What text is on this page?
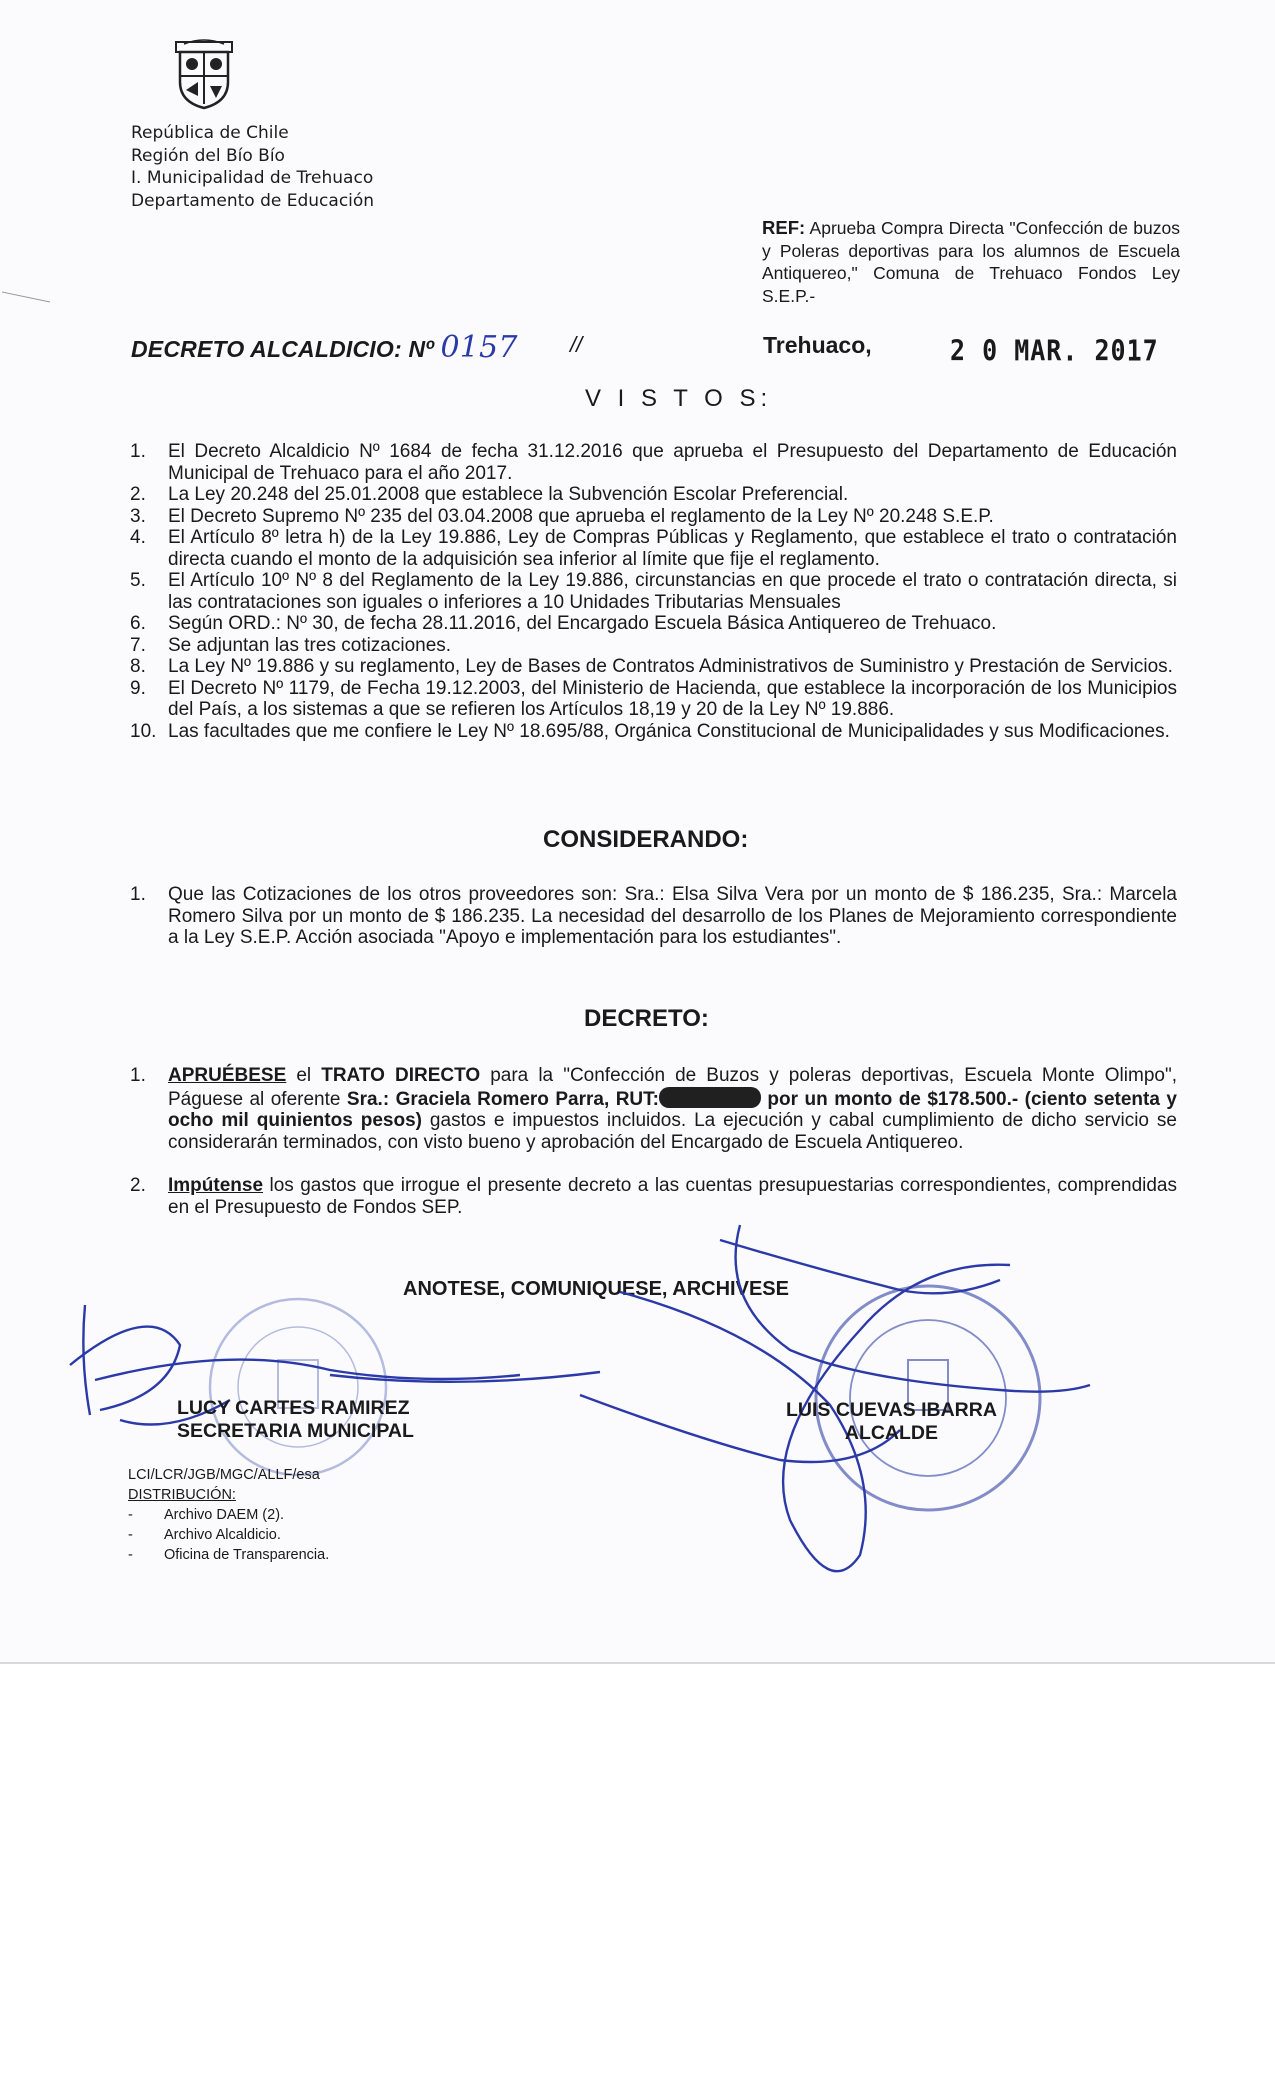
República de Chile
Región del Bío Bío
I. Municipalidad de Trehuaco
Departamento de Educación
REF: Aprueba Compra Directa "Confección de buzos y Poleras deportivas para los alumnos de Escuela Antiquereo," Comuna de Trehuaco Fondos Ley S.E.P.-
DECRETO ALCALDICIO: Nº 0157 //	Trehuaco,	2 0 MAR. 2017
V I S T O S:
1. El Decreto Alcaldicio Nº 1684 de fecha 31.12.2016 que aprueba el Presupuesto del Departamento de Educación Municipal de Trehuaco para el año 2017.
2. La Ley 20.248 del 25.01.2008 que establece la Subvención Escolar Preferencial.
3. El Decreto Supremo Nº 235 del 03.04.2008 que aprueba el reglamento de la Ley Nº 20.248 S.E.P.
4. El Artículo 8º letra h) de la Ley 19.886, Ley de Compras Públicas y Reglamento, que establece el trato o contratación directa cuando el monto de la adquisición sea inferior al límite que fije el reglamento.
5. El Artículo 10º Nº 8 del Reglamento de la Ley 19.886, circunstancias en que procede el trato o contratación directa, si las contrataciones son iguales o inferiores a 10 Unidades Tributarias Mensuales
6. Según ORD.: Nº 30, de fecha 28.11.2016, del Encargado Escuela Básica Antiquereo de Trehuaco.
7. Se adjuntan las tres cotizaciones.
8. La Ley Nº 19.886 y su reglamento, Ley de Bases de Contratos Administrativos de Suministro y Prestación de Servicios.
9. El Decreto Nº 1179, de Fecha 19.12.2003, del Ministerio de Hacienda, que establece la incorporación de los Municipios del País, a los sistemas a que se refieren los Artículos 18,19 y 20 de la Ley Nº 19.886.
10. Las facultades que me confiere le Ley Nº 18.695/88, Orgánica Constitucional de Municipalidades y sus Modificaciones.
CONSIDERANDO:
1. Que las Cotizaciones de los otros proveedores son: Sra.: Elsa Silva Vera por un monto de $ 186.235, Sra.: Marcela Romero Silva por un monto de $ 186.235. La necesidad del desarrollo de los Planes de Mejoramiento correspondiente a la Ley S.E.P. Acción asociada "Apoyo e implementación para los estudiantes".
DECRETO:
1. APRUÉBESE el TRATO DIRECTO para la "Confección de Buzos y poleras deportivas, Escuela Monte Olimpo", Páguese al oferente Sra.: Graciela Romero Parra, RUT:	por un monto de $178.500.- (ciento setenta y ocho mil quinientos pesos) gastos e impuestos incluidos. La ejecución y cabal cumplimiento de dicho servicio se considerarán terminados, con visto bueno y aprobación del Encargado de Escuela Antiquereo.
2. Impútense los gastos que irrogue el presente decreto a las cuentas presupuestarias correspondientes, comprendidas en el Presupuesto de Fondos SEP.
ANOTESE, COMUNIQUESE, ARCHIVESE
LUCY CARTES RAMIREZ
SECRETARIA MUNICIPAL
LUIS CUEVAS IBARRA
ALCALDE
LCI/LCR/JGB/MGC/ALLF/esa
DISTRIBUCIÓN:
- Archivo DAEM (2).
- Archivo Alcaldicio.
- Oficina de Transparencia.
